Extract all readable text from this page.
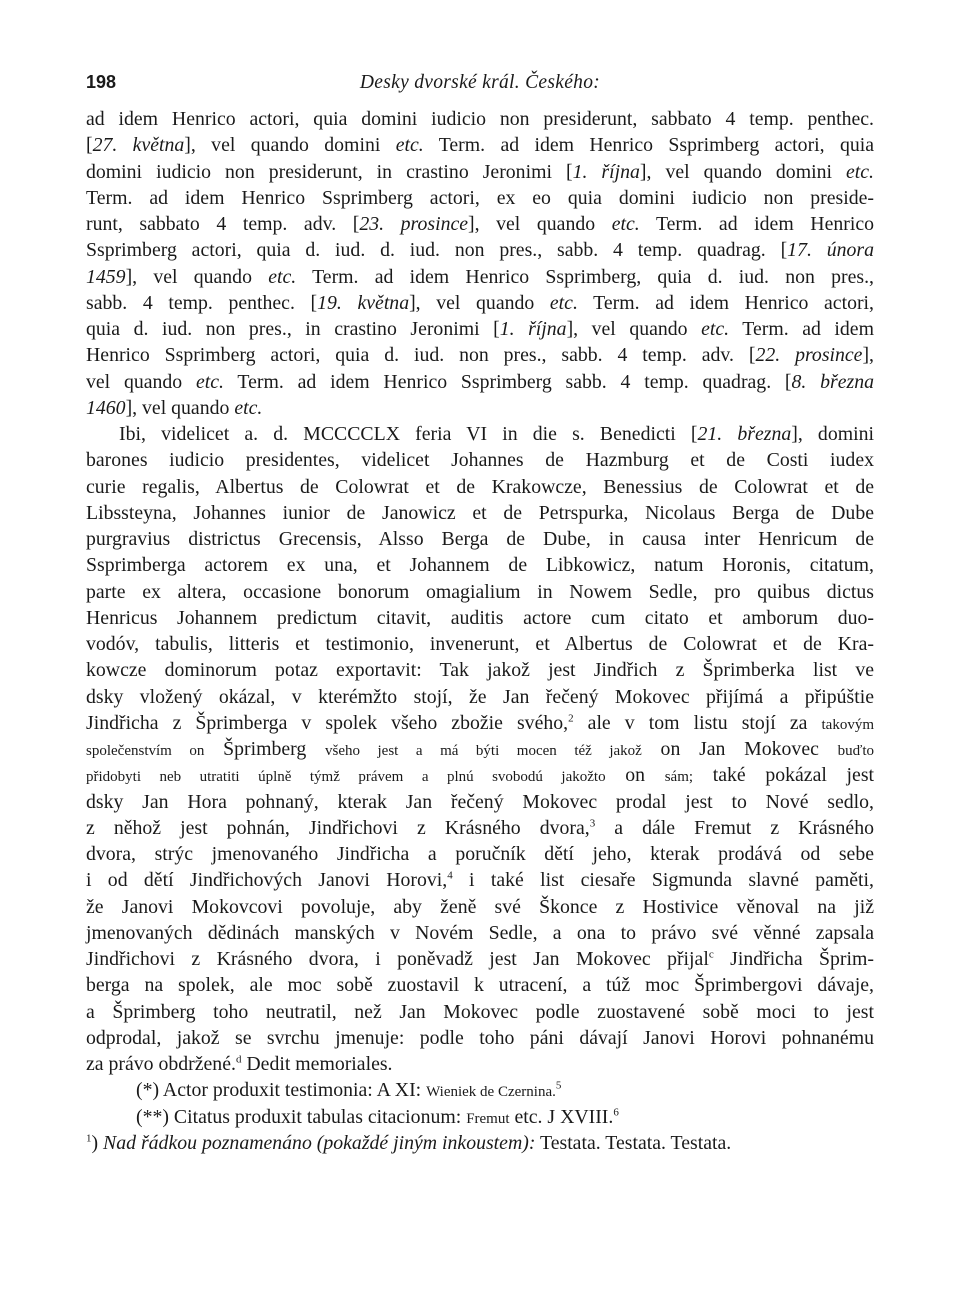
198	Desky dvorské král. Českého:
ad idem Henrico actori, quia domini iudicio non presiderunt, sabbato 4 temp. penthec.
[27. května], vel quando domini etc. Term. ad idem Henrico Ssprimberg actori, quia
domini iudicio non presiderunt, in crastino Jeronimi [1. října], vel quando domini etc.
Term. ad idem Henrico Ssprimberg actori, ex eo quia domini iudicio non preside-
runt, sabbato 4 temp. adv. [23. prosince], vel quando etc. Term. ad idem Henrico
Ssprimberg actori, quia d. iud. d. iud. non pres., sabb. 4 temp. quadrag. [17. února
1459], vel quando etc. Term. ad idem Henrico Ssprimberg, quia d. iud. non pres.,
sabb. 4 temp. penthec. [19. května], vel quando etc. Term. ad idem Henrico actori,
quia d. iud. non pres., in crastino Jeronimi [1. října], vel quando etc. Term. ad idem
Henrico Ssprimberg actori, quia d. iud. non pres., sabb. 4 temp. adv. [22. prosince],
vel quando etc. Term. ad idem Henrico Ssprimberg sabb. 4 temp. quadrag. [8. března
1460], vel quando etc.
Ibi, videlicet a. d. MCCCCLX feria VI in die s. Benedicti [21. března], domini
barones iudicio presidentes, videlicet Johannes de Hazmburg et de Costi iudex
curie regalis, Albertus de Colowrat et de Krakowcze, Benessius de Colowrat et de
Libssteyna, Johannes iunior de Janowicz et de Petrspurka, Nicolaus Berga de Dube
purgravius districtus Grecensis, Alsso Berga de Dube, in causa inter Henricum de
Ssprimberga actorem ex una, et Johannem de Libkowicz, natum Horonis, citatum,
parte ex altera, occasione bonorum omagialium in Nowem Sedle, pro quibus dictus
Henricus Johannem predictum citavit, auditis actore cum citato et amborum duo-
vodóv, tabulis, litteris et testimonio, invenerunt, et Albertus de Colowrat et de Kra-
kowcze dominorum potaz exportavit: Tak jakož jest Jindřich z Šprimberka list ve
dsky vložený okázal, v kterémžto stojí, že Jan řečený Mokovec přijímá a připúštie
Jindřicha z Šprimberga v spolek všeho zbožie svého,$^2$ ale v tom listu stojí za takovým
společenstvím on Šprimberg všeho jest a má býti mocen též jakož on Jan Mokovec buďto
přidobyti neb utratiti úplně týmž právem a plnú svobodú jakožto on sám; také pokázal jest
dsky Jan Hora pohnaný, kterak Jan řečený Mokovec prodal jest to Nové sedlo,
z něhož jest pohnán, Jindřichovi z Krásného dvora,$^3$ a dále Fremut z Krásného
dvora, strýc jmenovaného Jindřicha a poručník dětí jeho, kterak prodává od sebe
i od dětí Jindřichových Janovi Horovi,$^4$ i také list ciesaře Sigmunda slavné paměti,
že Janovi Mokovcovi povoluje, aby ženě své Škonce z Hostivice věnoval na již
jmenovaných dědinách manských v Novém Sedle, a ona to právo své věnné zapsala
Jindřichovi z Krásného dvora, i poněvadž jest Jan Mokovec přijal$^c$ Jindřicha Šprim-
berga na spolek, ale moc sobě zuostavil k utracení, a túž moc Šprimbergovi dávaje,
a Šprimberg toho neutratil, než Jan Mokovec podle zuostavené sobě moci to jest
odprodal, jakož se svrchu jmenuje: podle toho páni dávají Janovi Horovi pohnanému
za právo obdržené.$^d$ Dedit memoriales.
(*) Actor produxit testimonia: A XI: Wieniek de Czernina.$^5$
(**) Citatus produxit tabulas citacionum: Fremut etc. J XVIII.$^6$
$^1$) Nad řádkou poznamenáno (pokaždé jiným inkoustem): Testata. Testata. Testata.
